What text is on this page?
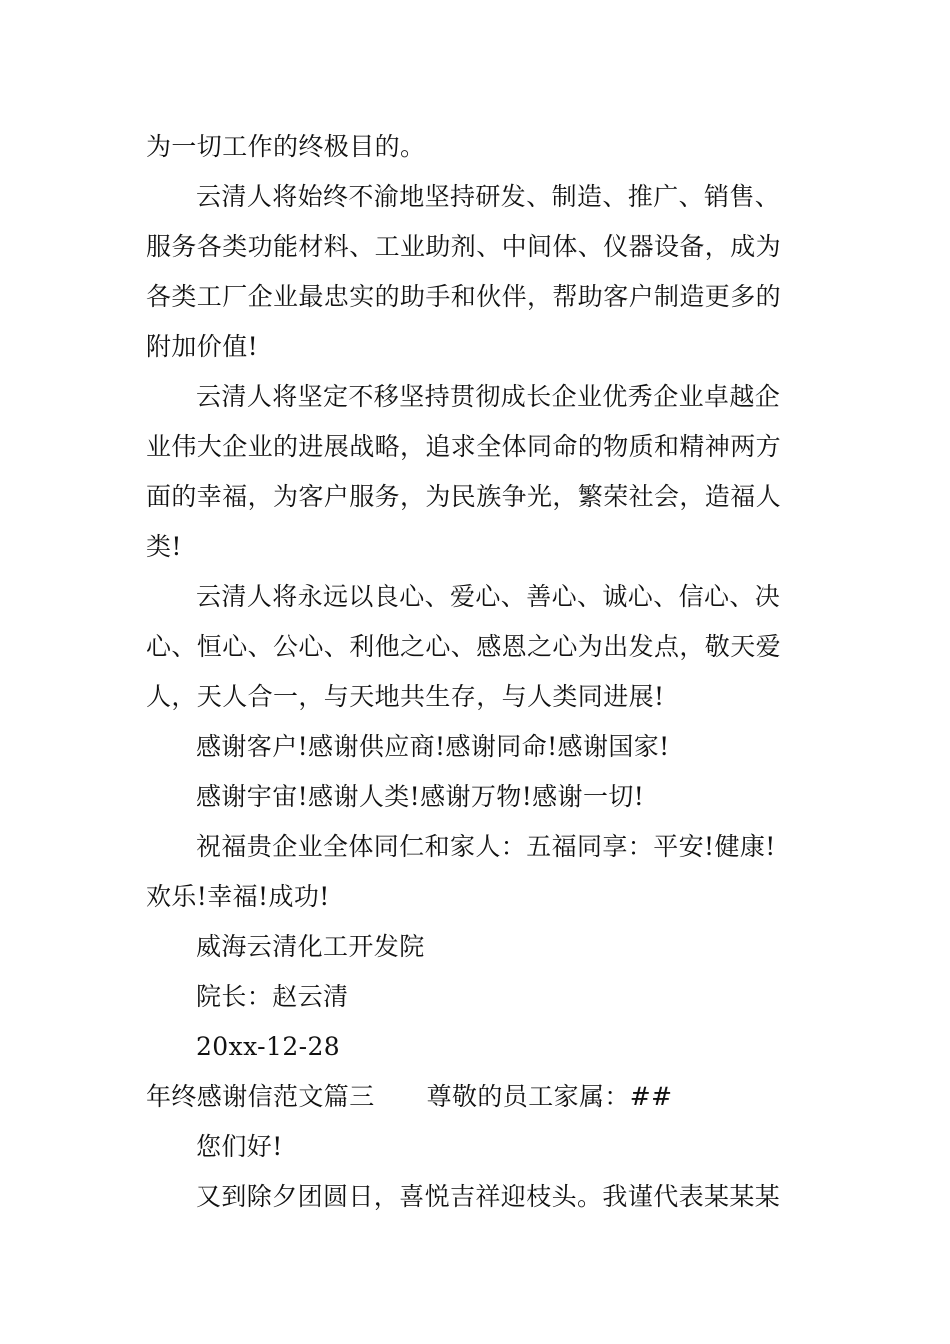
为一切工作的终极目的。
云清人将始终不渝地坚持研发、制造、推广、销售、
服务各类功能材料、工业助剂、中间体、仪器设备，成为
各类工厂企业最忠实的助手和伙伴，帮助客户制造更多的
附加价值!
云清人将坚定不移坚持贯彻成长企业优秀企业卓越企
业伟大企业的进展战略，追求全体同命的物质和精神两方
面的幸福，为客户服务，为民族争光，繁荣社会，造福人
类!
云清人将永远以良心、爱心、善心、诚心、信心、决
心、恒心、公心、利他之心、感恩之心为出发点，敬天爱
人，天人合一，与天地共生存，与人类同进展!
感谢客户!感谢供应商!感谢同命!感谢国家!
感谢宇宙!感谢人类!感谢万物!感谢一切!
祝福贵企业全体同仁和家人：五福同享：平安!健康!
欢乐!幸福!成功!
威海云清化工开发院
院长：赵云清
20xx-12-28
年终感谢信范文篇三 尊敬的员工家属：##
您们好!
又到除夕团圆日，喜悦吉祥迎枝头。我谨代表某某某
